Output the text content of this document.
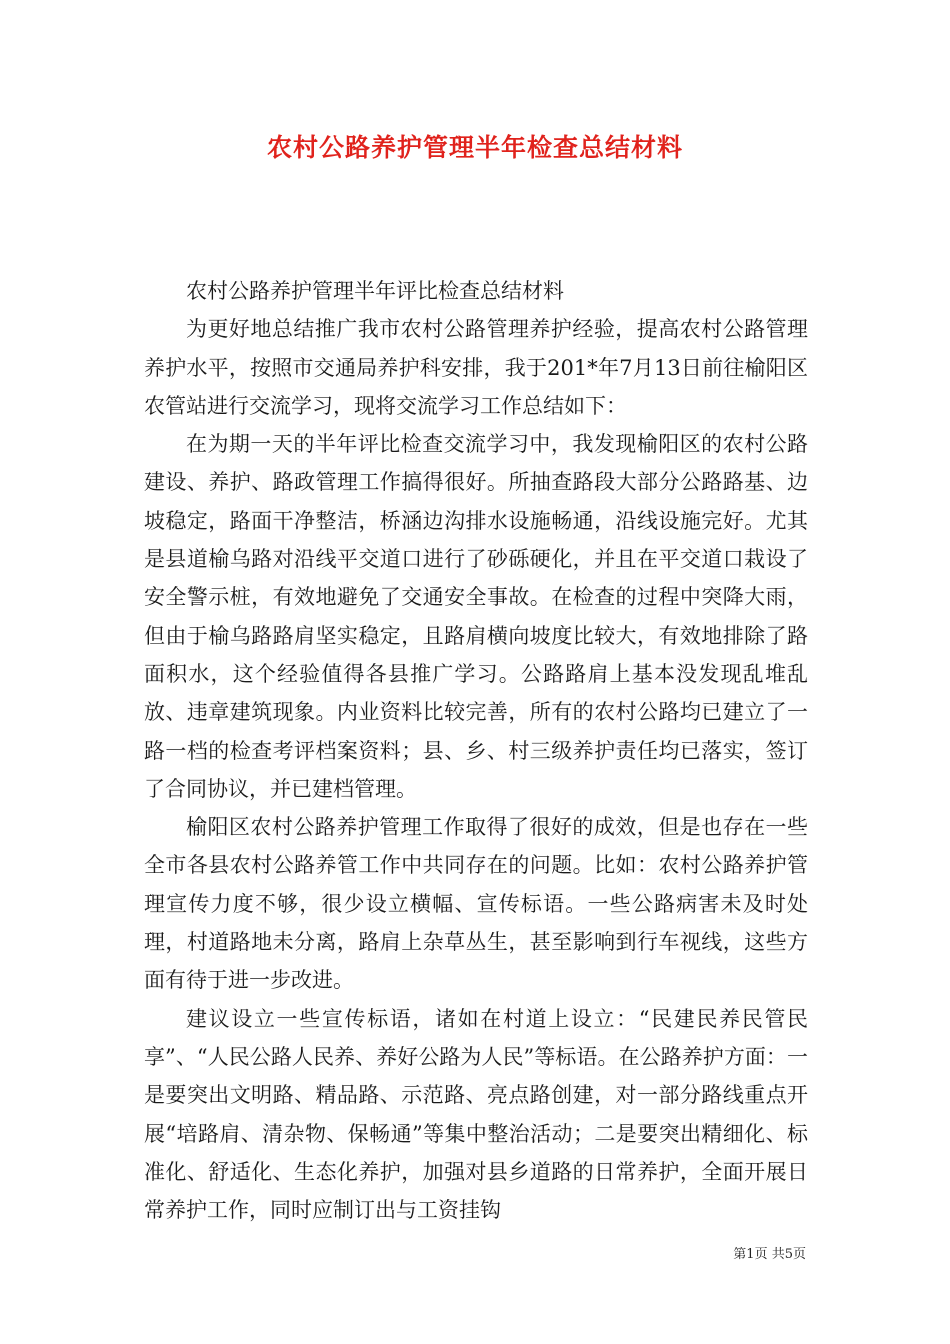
农村公路养护管理半年检查总结材料

农村公路养护管理半年评比检查总结材料

为更好地总结推广我市农村公路管理养护经验，提高农村公路管理养护水平，按照市交通局养护科安排，我于201*年7月13日前往榆阳区农管站进行交流学习，现将交流学习工作总结如下：

在为期一天的半年评比检查交流学习中，我发现榆阳区的农村公路建设、养护、路政管理工作搞得很好。所抽查路段大部分公路路基、边坡稳定，路面干净整洁，桥涵边沟排水设施畅通，沿线设施完好。尤其是县道榆乌路对沿线平交道口进行了砂砾硬化，并且在平交道口栽设了安全警示桩，有效地避免了交通安全事故。在检查的过程中突降大雨，但由于榆乌路路肩坚实稳定，且路肩横向坡度比较大，有效地排除了路面积水，这个经验值得各县推广学习。公路路肩上基本没发现乱堆乱放、违章建筑现象。内业资料比较完善，所有的农村公路均已建立了一路一档的检查考评档案资料；县、乡、村三级养护责任均已落实，签订了合同协议，并已建档管理。

榆阳区农村公路养护管理工作取得了很好的成效，但是也存在一些全市各县农村公路养管工作中共同存在的问题。比如：农村公路养护管理宣传力度不够，很少设立横幅、宣传标语。一些公路病害未及时处理，村道路地未分离，路肩上杂草丛生，甚至影响到行车视线，这些方面有待于进一步改进。

建议设立一些宣传标语，诸如在村道上设立：“民建民养民管民享”、“人民公路人民养、养好公路为人民”等标语。在公路养护方面：一是要突出文明路、精品路、示范路、亮点路创建，对一部分路线重点开展“培路肩、清杂物、保畅通”等集中整治活动；二是要突出精细化、标准化、舒适化、生态化养护，加强对县乡道路的日常养护，全面开展日常养护工作，同时应制订出与工资挂钩

第1页 共5页
